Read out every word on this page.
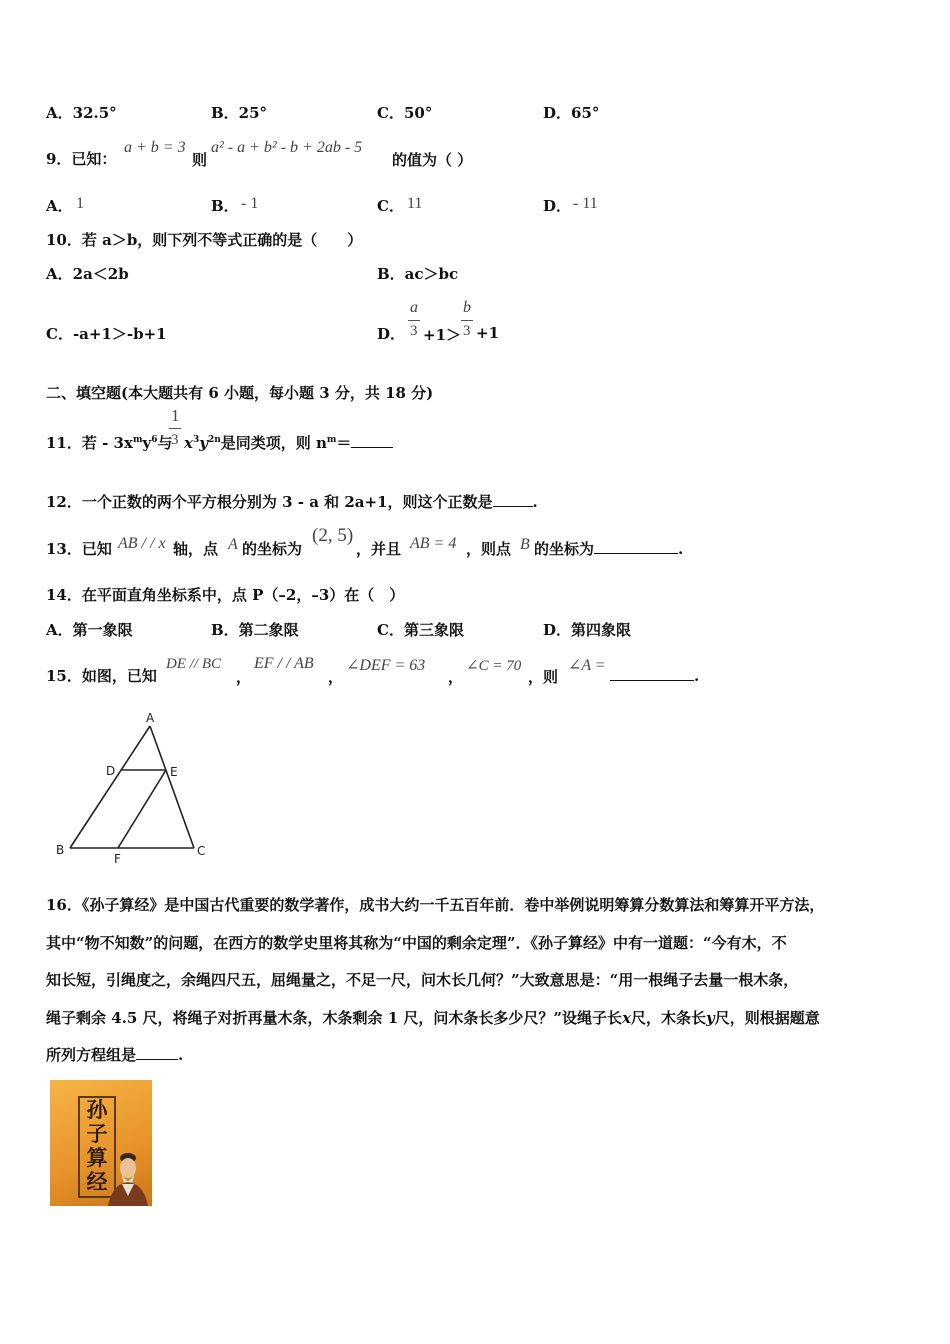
A．32.5°	B．25°	C．50°	D．65°
9．已知：
a + b = 3
则
a² - a + b² - b + 2ab - 5
的值为（ ）
A． 1	B． - 1	C． 11	D． - 11
10．若 a＞b，则下列不等式正确的是（　　）
A．2a＜2b	B．ac＞bc
C．-a+1＞-b+1	D．
a
3 +1＞
b
3 +1
二、填空题(本大题共有 6 小题，每小题 3 分，共 18 分)
11．若 - $3x^my^6$与
1
3 $x^3y^{2n}$是同类项，则 $n^m=$
12．一个正数的两个平方根分别为 3 - a 和 2a+1，则这个正数是	.
13．已知 AB / / x 轴，点 A 的坐标为
(2, 5)
，并且 AB = 4 ，则点 B 的坐标为	.
14．在平面直角坐标系中，点 P（–2，–3）在（　）
A．第一象限	B．第二象限	C．第三象限	D．第四象限
15．如图，已知
DE // BC
，
EF / / AB
，
∠DEF = 63
，
∠C = 70
，则
∠A =
.
A
B	C
D	E
F
16．《孙子算经》是中国古代重要的数学著作，成书大约一千五百年前．卷中举例说明筹算分数算法和筹算开平方法，
其中“物不知数”的问题，在西方的数学史里将其称为“中国的剩余定理”．《孙子算经》中有一道题：“今有木，不
知长短，引绳度之，余绳四尺五，屈绳量之，不足一尺，问木长几何？”大致意思是：“用一根绳子去量一根木条，
绳子剩余 4.5 尺，将绳子对折再量木条，木条剩余 1 尺，问木条长多少尺？”设绳子长x尺，木条长y尺，则根据题意
所列方程组是	.
孙子算经
